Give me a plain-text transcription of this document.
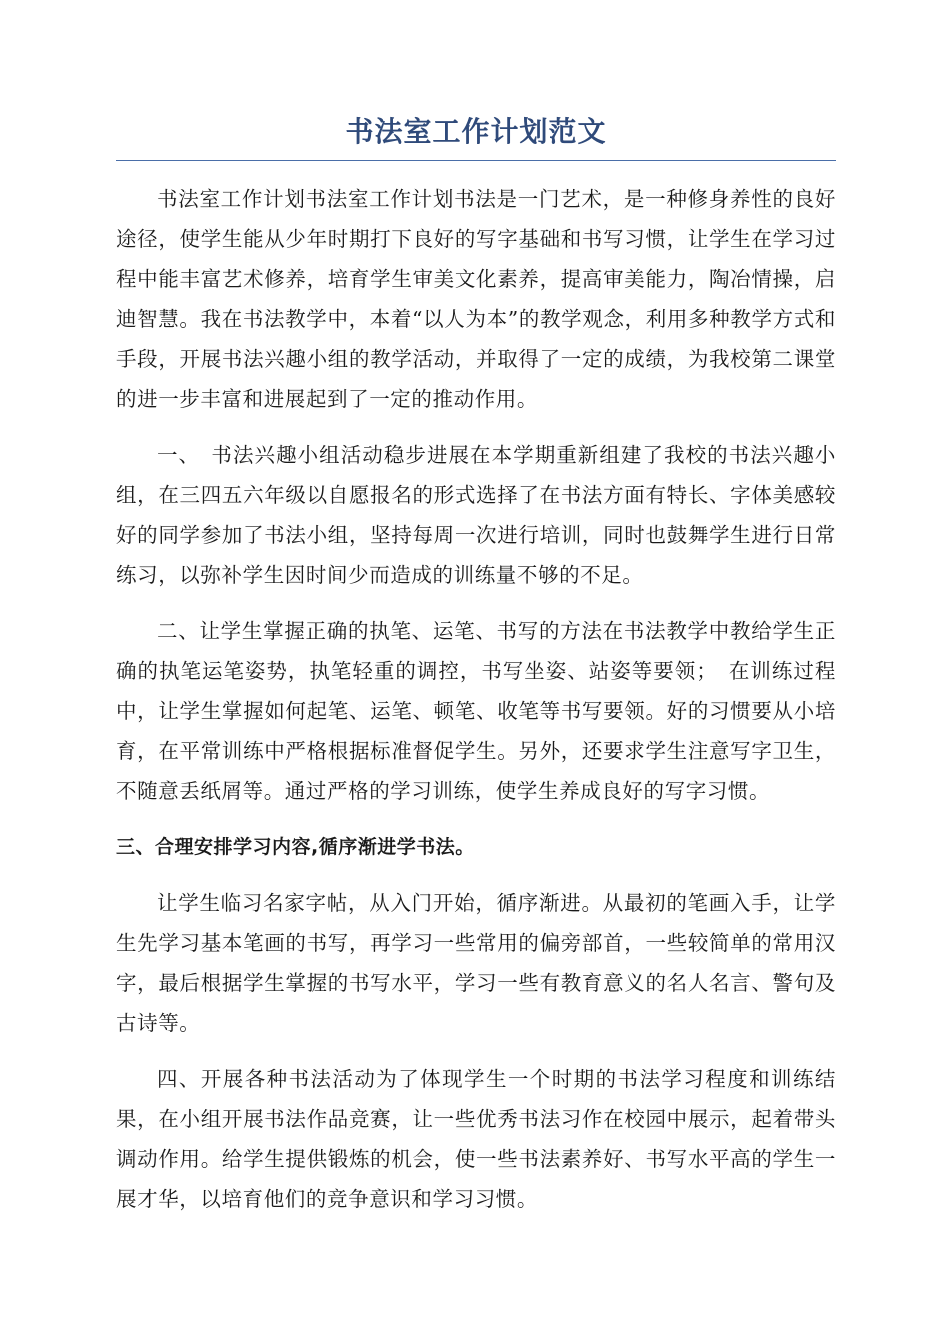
书法室工作计划范文

书法室工作计划书法室工作计划书法是一门艺术，是一种修身养性的良好途径，使学生能从少年时期打下良好的写字基础和书写习惯，让学生在学习过程中能丰富艺术修养，培育学生审美文化素养，提高审美能力，陶冶情操，启迪智慧。我在书法教学中，本着“以人为本”的教学观念，利用多种教学方式和手段，开展书法兴趣小组的教学活动，并取得了一定的成绩，为我校第二课堂的进一步丰富和进展起到了一定的推动作用。

一、　书法兴趣小组活动稳步进展在本学期重新组建了我校的书法兴趣小组，在三四五六年级以自愿报名的形式选择了在书法方面有特长、字体美感较好的同学参加了书法小组，坚持每周一次进行培训，同时也鼓舞学生进行日常练习，以弥补学生因时间少而造成的训练量不够的不足。

二、让学生掌握正确的执笔、运笔、书写的方法在书法教学中教给学生正确的执笔运笔姿势，执笔轻重的调控，书写坐姿、站姿等要领；　在训练过程中，让学生掌握如何起笔、运笔、顿笔、收笔等书写要领。好的习惯要从小培育，在平常训练中严格根据标准督促学生。另外，还要求学生注意写字卫生，不随意丢纸屑等。通过严格的学习训练，使学生养成良好的写字习惯。

三、合理安排学习内容,循序渐进学书法。

让学生临习名家字帖，从入门开始，循序渐进。从最初的笔画入手，让学生先学习基本笔画的书写，再学习一些常用的偏旁部首，一些较简单的常用汉字，最后根据学生掌握的书写水平，学习一些有教育意义的名人名言、警句及古诗等。

四、开展各种书法活动为了体现学生一个时期的书法学习程度和训练结果，在小组开展书法作品竞赛，让一些优秀书法习作在校园中展示，起着带头调动作用。给学生提供锻炼的机会，使一些书法素养好、书写水平高的学生一展才华，以培育他们的竞争意识和学习习惯。
